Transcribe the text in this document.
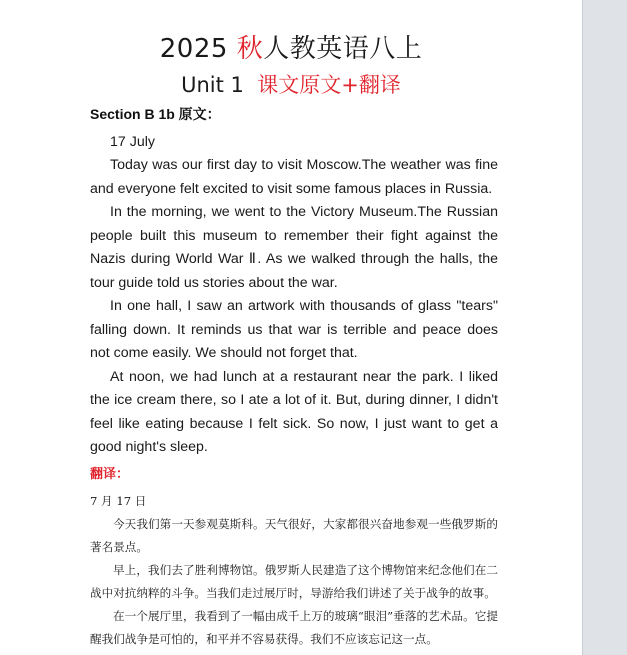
2025 秋人教英语八上
Unit 1 课文原文+翻译
Section B 1b 原文：
17 July

Today was our first day to visit Moscow.The weather was fine and everyone felt excited to visit some famous places in Russia.

In the morning, we went to the Victory Museum.The Russian people built this museum to remember their fight against the Nazis during World War Ⅱ. As we walked through the halls, the tour guide told us stories about the war.

In one hall, I saw an artwork with thousands of glass "tears" falling down. It reminds us that war is terrible and peace does not come easily. We should not forget that.

At noon, we had lunch at a restaurant near the park. I liked the ice cream there, so I ate a lot of it. But, during dinner, I didn't feel like eating because I felt sick. So now, I just want to get a good night's sleep.

翻译：
7 月 17 日

今天我们第一天参观莫斯科。天气很好，大家都很兴奋地参观一些俄罗斯的著名景点。

早上，我们去了胜利博物馆。俄罗斯人民建造了这个博物馆来纪念他们在二战中对抗纳粹的斗争。当我们走过展厅时，导游给我们讲述了关于战争的故事。

在一个展厅里，我看到了一幅由成千上万的玻璃“眼泪”垂落的艺术品。它提醒我们战争是可怕的，和平并不容易获得。我们不应该忘记这一点。
